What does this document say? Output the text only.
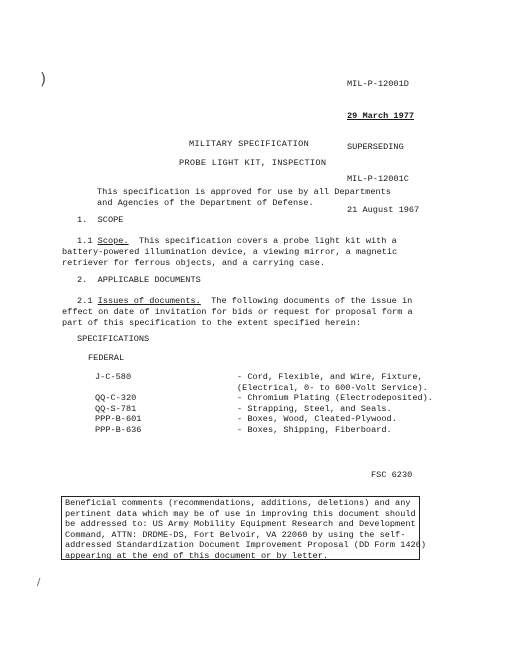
)
/

MIL-P-12001D

29 March 1977

SUPERSEDING

MIL-P-12001C

21 August 1967

MILITARY SPECIFICATION
PROBE LIGHT KIT, INSPECTION
This specification is approved for use by all Departments
and Agencies of the Department of Defense.
1.  SCOPE
1.1 Scope.  This specification covers a probe light kit with a
battery-powered illumination device, a viewing mirror, a magnetic
retriever for ferrous objects, and a carrying case.
2.  APPLICABLE DOCUMENTS
2.1 Issues of documents.  The following documents of the issue in
effect on date of invitation for bids or request for proposal form a
part of this specification to the extent specified herein:
SPECIFICATIONS
FEDERAL
J-C-580	- Cord, Flexible, and Wire, Fixture,
(Electrical, 0- to 600-Volt Service).
QQ-C-320	- Chromium Plating (Electrodeposited).
QQ-S-781	- Strapping, Steel, and Seals.
PPP-B-601	- Boxes, Wood, Cleated-Plywood.
PPP-B-636	- Boxes, Shipping, Fiberboard.
FSC 6230
Beneficial comments (recommendations, additions, deletions) and any
pertinent data which may be of use in improving this document should
be addressed to: US Army Mobility Equipment Research and Development
Command, ATTN: DRDME-DS, Fort Belvoir, VA 22060 by using the self-
addressed Standardization Document Improvement Proposal (DD Form 1426)
appearing at the end of this document or by letter.
